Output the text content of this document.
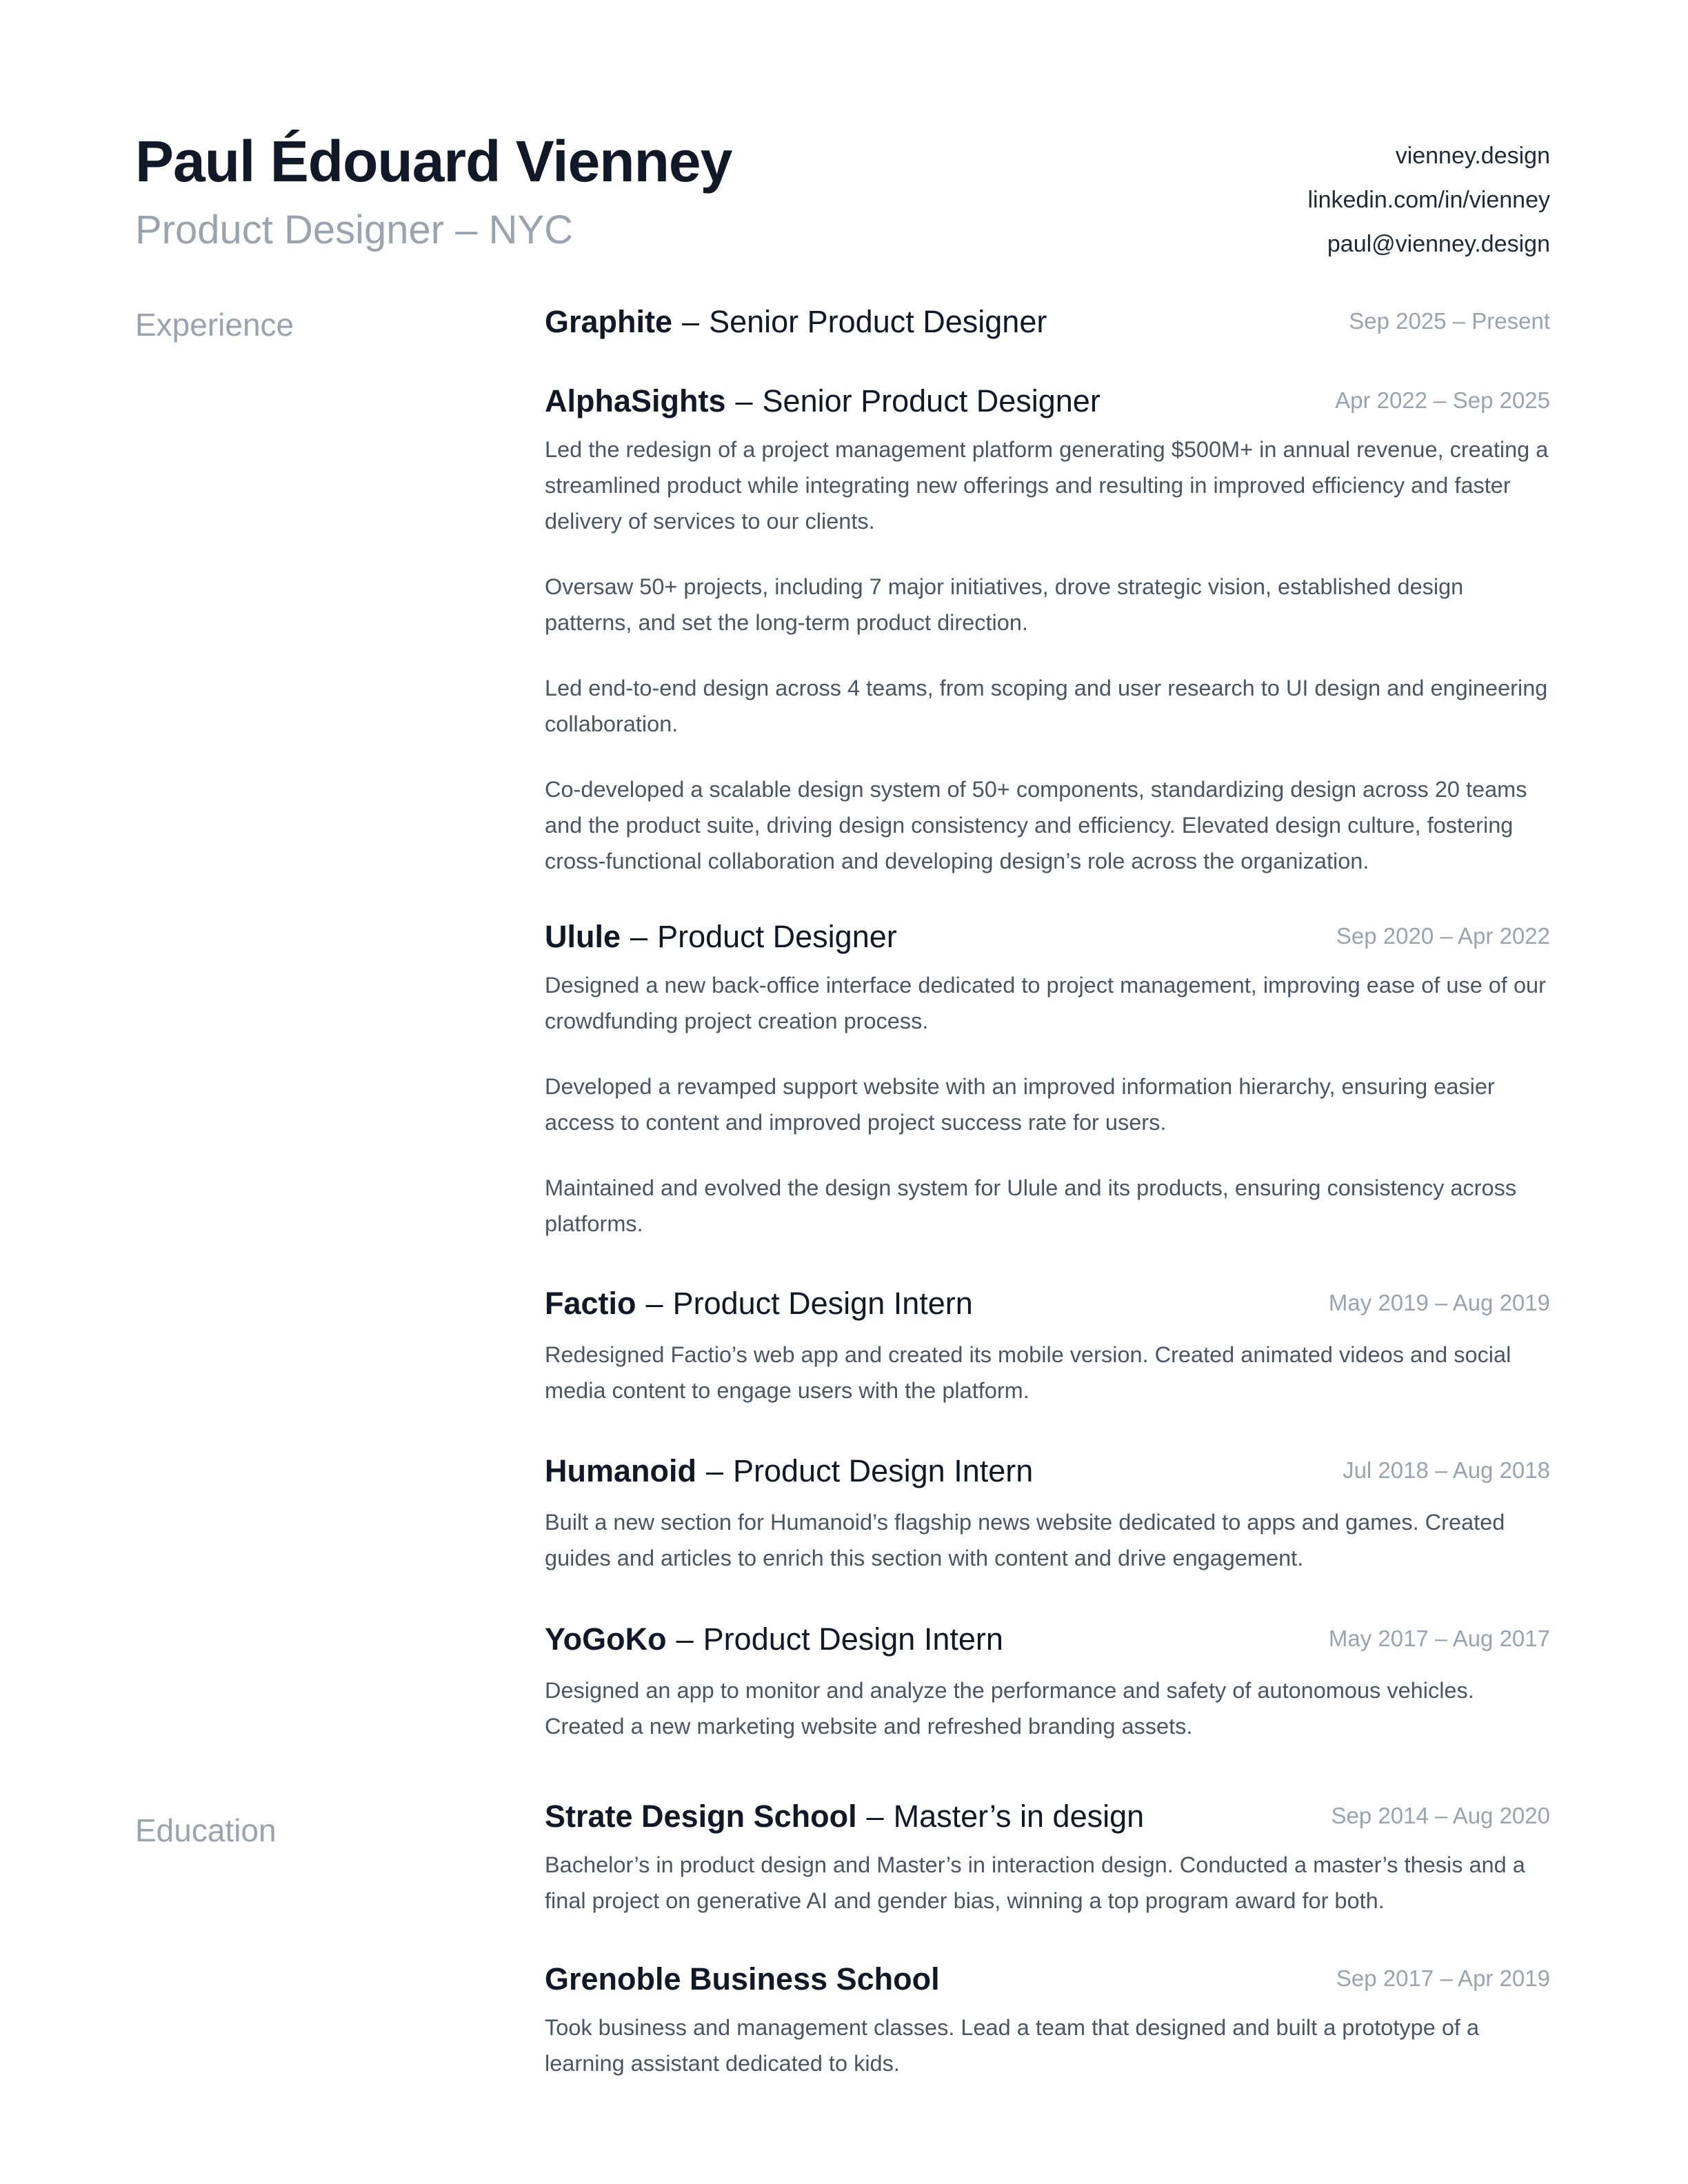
Paul Édouard Vienney
Product Designer – NYC
vienney.design
linkedin.com/in/vienney
paul@vienney.design
Experience	Graphite – Senior Product Designer	Sep 2025 – Present
AlphaSights – Senior Product Designer	Apr 2022 – Sep 2025

Led the redesign of a project management platform generating $500M+ in annual revenue, creating a streamlined product while integrating new offerings and resulting in improved efficiency and faster delivery of services to our clients.

Oversaw 50+ projects, including 7 major initiatives, drove strategic vision, established design patterns, and set the long-term product direction.

Led end-to-end design across 4 teams, from scoping and user research to UI design and engineering collaboration.

Co-developed a scalable design system of 50+ components, standardizing design across 20 teams and the product suite, driving design consistency and efficiency. Elevated design culture, fostering cross-functional collaboration and developing design’s role across the organization.

Ulule – Product Designer	Sep 2020 – Apr 2022

Designed a new back-office interface dedicated to project management, improving ease of use of our crowdfunding project creation process.

Developed a revamped support website with an improved information hierarchy, ensuring easier access to content and improved project success rate for users.

Maintained and evolved the design system for Ulule and its products, ensuring consistency across platforms.

Factio – Product Design Intern	May 2019 – Aug 2019

Redesigned Factio’s web app and created its mobile version. Created animated videos and social media content to engage users with the platform.

Humanoid – Product Design Intern	Jul 2018 – Aug 2018

Built a new section for Humanoid’s flagship news website dedicated to apps and games. Created guides and articles to enrich this section with content and drive engagement.

YoGoKo – Product Design Intern	May 2017 – Aug 2017

Designed an app to monitor and analyze the performance and safety of autonomous vehicles. Created a new marketing website and refreshed branding assets.

Education	Strate Design School – Master’s in design	Sep 2014 – Aug 2020

Bachelor’s in product design and Master’s in interaction design. Conducted a master’s thesis and a final project on generative AI and gender bias, winning a top program award for both.

Grenoble Business School	Sep 2017 – Apr 2019

Took business and management classes. Lead a team that designed and built a prototype of a learning assistant dedicated to kids.
